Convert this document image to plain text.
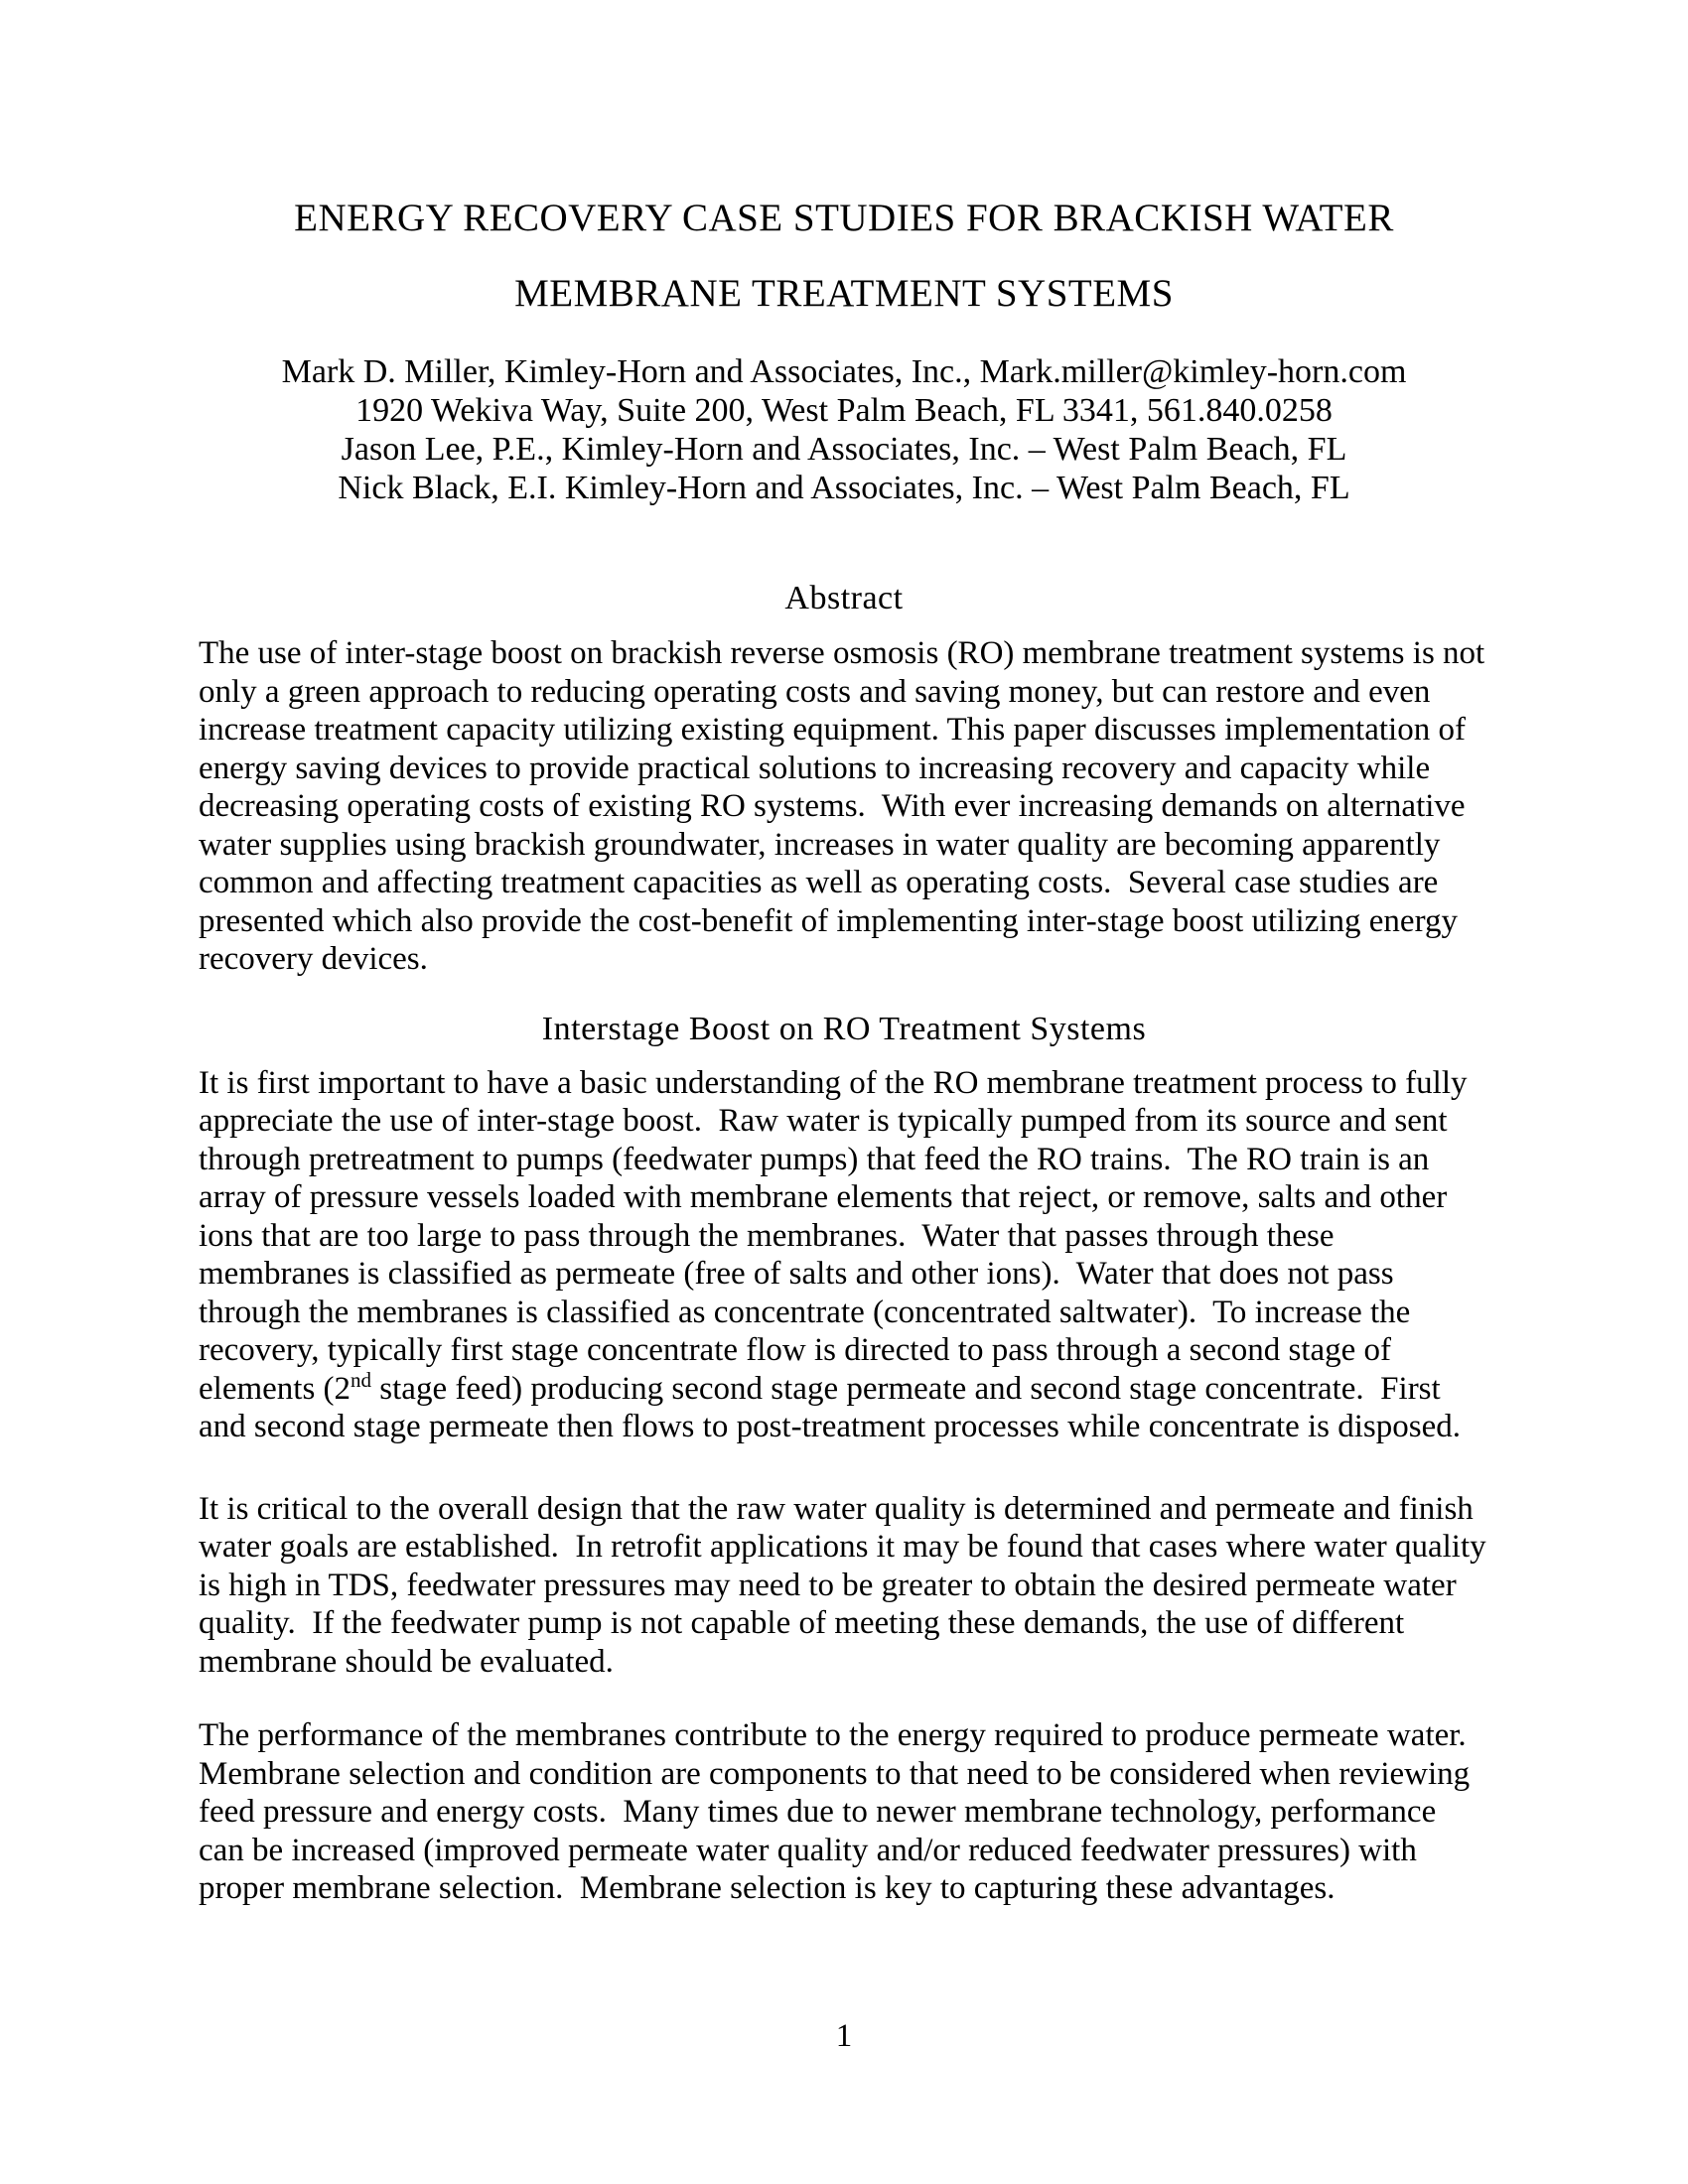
ENERGY RECOVERY CASE STUDIES FOR BRACKISH WATER
MEMBRANE TREATMENT SYSTEMS
Mark D. Miller, Kimley-Horn and Associates, Inc., Mark.miller@kimley-horn.com
1920 Wekiva Way, Suite 200, West Palm Beach, FL 3341, 561.840.0258
Jason Lee, P.E., Kimley-Horn and Associates, Inc. – West Palm Beach, FL
Nick Black, E.I. Kimley-Horn and Associates, Inc. – West Palm Beach, FL
Abstract

The use of inter-stage boost on brackish reverse osmosis (RO) membrane treatment systems is not only a green approach to reducing operating costs and saving money, but can restore and even increase treatment capacity utilizing existing equipment. This paper discusses implementation of energy saving devices to provide practical solutions to increasing recovery and capacity while decreasing operating costs of existing RO systems.  With ever increasing demands on alternative water supplies using brackish groundwater, increases in water quality are becoming apparently common and affecting treatment capacities as well as operating costs.  Several case studies are presented which also provide the cost-benefit of implementing inter-stage boost utilizing energy recovery devices.

Interstage Boost on RO Treatment Systems

It is first important to have a basic understanding of the RO membrane treatment process to fully appreciate the use of inter-stage boost.  Raw water is typically pumped from its source and sent through pretreatment to pumps (feedwater pumps) that feed the RO trains.  The RO train is an array of pressure vessels loaded with membrane elements that reject, or remove, salts and other ions that are too large to pass through the membranes.  Water that passes through these membranes is classified as permeate (free of salts and other ions).  Water that does not pass through the membranes is classified as concentrate (concentrated saltwater).  To increase the recovery, typically first stage concentrate flow is directed to pass through a second stage of elements (2nd stage feed) producing second stage permeate and second stage concentrate.  First and second stage permeate then flows to post-treatment processes while concentrate is disposed.

It is critical to the overall design that the raw water quality is determined and permeate and finish water goals are established.  In retrofit applications it may be found that cases where water quality is high in TDS, feedwater pressures may need to be greater to obtain the desired permeate water quality.  If the feedwater pump is not capable of meeting these demands, the use of different membrane should be evaluated.

The performance of the membranes contribute to the energy required to produce permeate water.  Membrane selection and condition are components to that need to be considered when reviewing feed pressure and energy costs.  Many times due to newer membrane technology, performance can be increased (improved permeate water quality and/or reduced feedwater pressures) with proper membrane selection.  Membrane selection is key to capturing these advantages.

1
